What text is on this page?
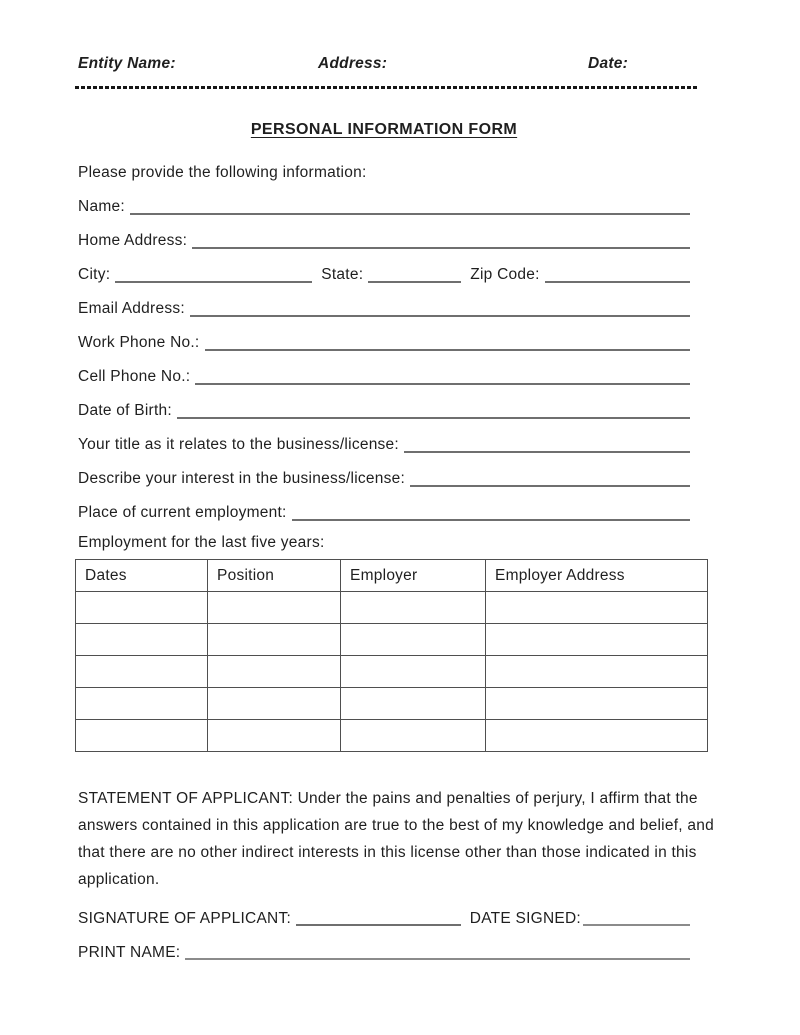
Entity Name:	Address:	Date:
PERSONAL INFORMATION FORM
Please provide the following information:
Name:
Home Address:
City:	State:	Zip Code:
Email Address:
Work Phone No.:
Cell Phone No.:
Date of Birth:
Your title as it relates to the business/license:
Describe your interest in the business/license:
Place of current employment:
Employment for the last five years:
Dates	Position	Employer	Employer Address

STATEMENT OF APPLICANT: Under the pains and penalties of perjury, I affirm that the
answers contained in this application are true to the best of my knowledge and belief, and
that there are no other indirect interests in this license other than those indicated in this
application.
SIGNATURE OF APPLICANT:	DATE SIGNED:
PRINT NAME:
